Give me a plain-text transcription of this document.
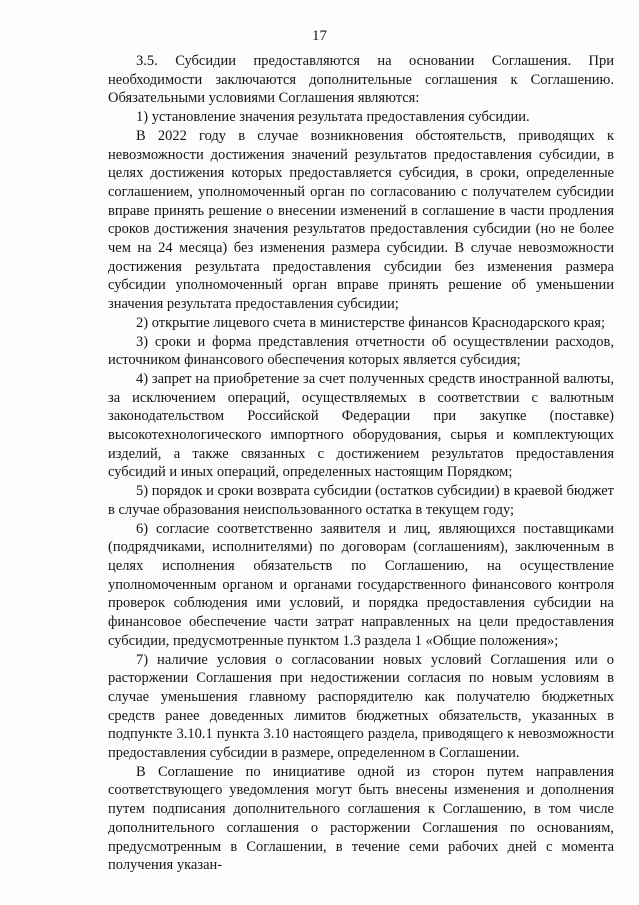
17

3.5. Субсидии предоставляются на основании Соглашения. При необходимости заключаются дополнительные соглашения к Соглашению. Обязательными условиями Соглашения являются:

1) установление значения результата предоставления субсидии.

В 2022 году в случае возникновения обстоятельств, приводящих к невозможности достижения значений результатов предоставления субсидии, в целях достижения которых предоставляется субсидия, в сроки, определенные соглашением, уполномоченный орган по согласованию с получателем субсидии вправе принять решение о внесении изменений в соглашение в части продления сроков достижения значения результатов предоставления субсидии (но не более чем на 24 месяца) без изменения размера субсидии. В случае невозможности достижения результата предоставления субсидии без изменения размера субсидии уполномоченный орган вправе принять решение об уменьшении значения результата предоставления субсидии;

2) открытие лицевого счета в министерстве финансов Краснодарского края;

3) сроки и форма представления отчетности об осуществлении расходов, источником финансового обеспечения которых является субсидия;

4) запрет на приобретение за счет полученных средств иностранной валюты, за исключением операций, осуществляемых в соответствии с валютным законодательством Российской Федерации при закупке (поставке) высокотехнологического импортного оборудования, сырья и комплектующих изделий, а также связанных с достижением результатов предоставления субсидий и иных операций, определенных настоящим Порядком;

5) порядок и сроки возврата субсидии (остатков субсидии) в краевой бюджет в случае образования неиспользованного остатка в текущем году;

6) согласие соответственно заявителя и лиц, являющихся поставщиками (подрядчиками, исполнителями) по договорам (соглашениям), заключенным в целях исполнения обязательств по Соглашению, на осуществление уполномоченным органом и органами государственного финансового контроля проверок соблюдения ими условий, и порядка предоставления субсидии на финансовое обеспечение части затрат направленных на цели предоставления субсидии, предусмотренные пунктом 1.3 раздела 1 «Общие положения»;

7) наличие условия о согласовании новых условий Соглашения или о расторжении Соглашения при недостижении согласия по новым условиям в случае уменьшения главному распорядителю как получателю бюджетных средств ранее доведенных лимитов бюджетных обязательств, указанных в подпункте 3.10.1 пункта 3.10 настоящего раздела, приводящего к невозможности предоставления субсидии в размере, определенном в Соглашении.

В Соглашение по инициативе одной из сторон путем направления соответствующего уведомления могут быть внесены изменения и дополнения путем подписания дополнительного соглашения к Соглашению, в том числе дополнительного соглашения о расторжении Соглашения по основаниям, предусмотренным в Соглашении, в течение семи рабочих дней с момента получения указан-
